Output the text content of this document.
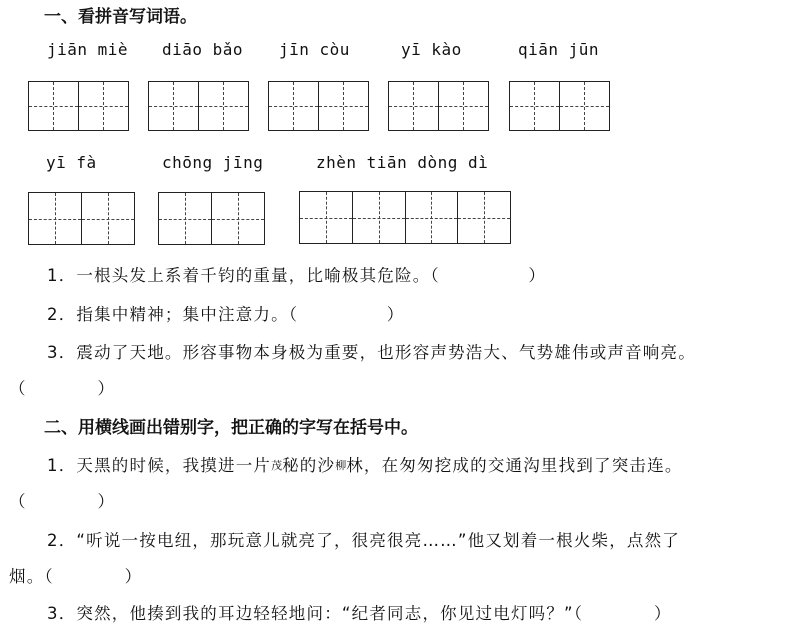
一、看拼音写词语。
jiān miè diāo bǎo jīn còu	yī kào	qiān jūn
yī fà	chōng jīng	zhèn tiān dòng dì
1．一根头发上系着千钧的重量，比喻极其危险。（　　　　　）
2．指集中精神；集中注意力。（　　　　　）
3．震动了天地。形容事物本身极为重要，也形容声势浩大、气势雄伟或声音响亮。
（　　　　）
二、用横线画出错别字，把正确的字写在括号中。
1．天黑的时候，我摸进一片茂秘的沙柳林，在匆匆挖成的交通沟里找到了突击连。
（　　　　）
2．“听说一按电纽，那玩意儿就亮了，很亮很亮……”他又划着一根火柴，点然了
烟。（　　　　）
3．突然，他揍到我的耳边轻轻地问：“纪者同志，你见过电灯吗？”（　　　　）
